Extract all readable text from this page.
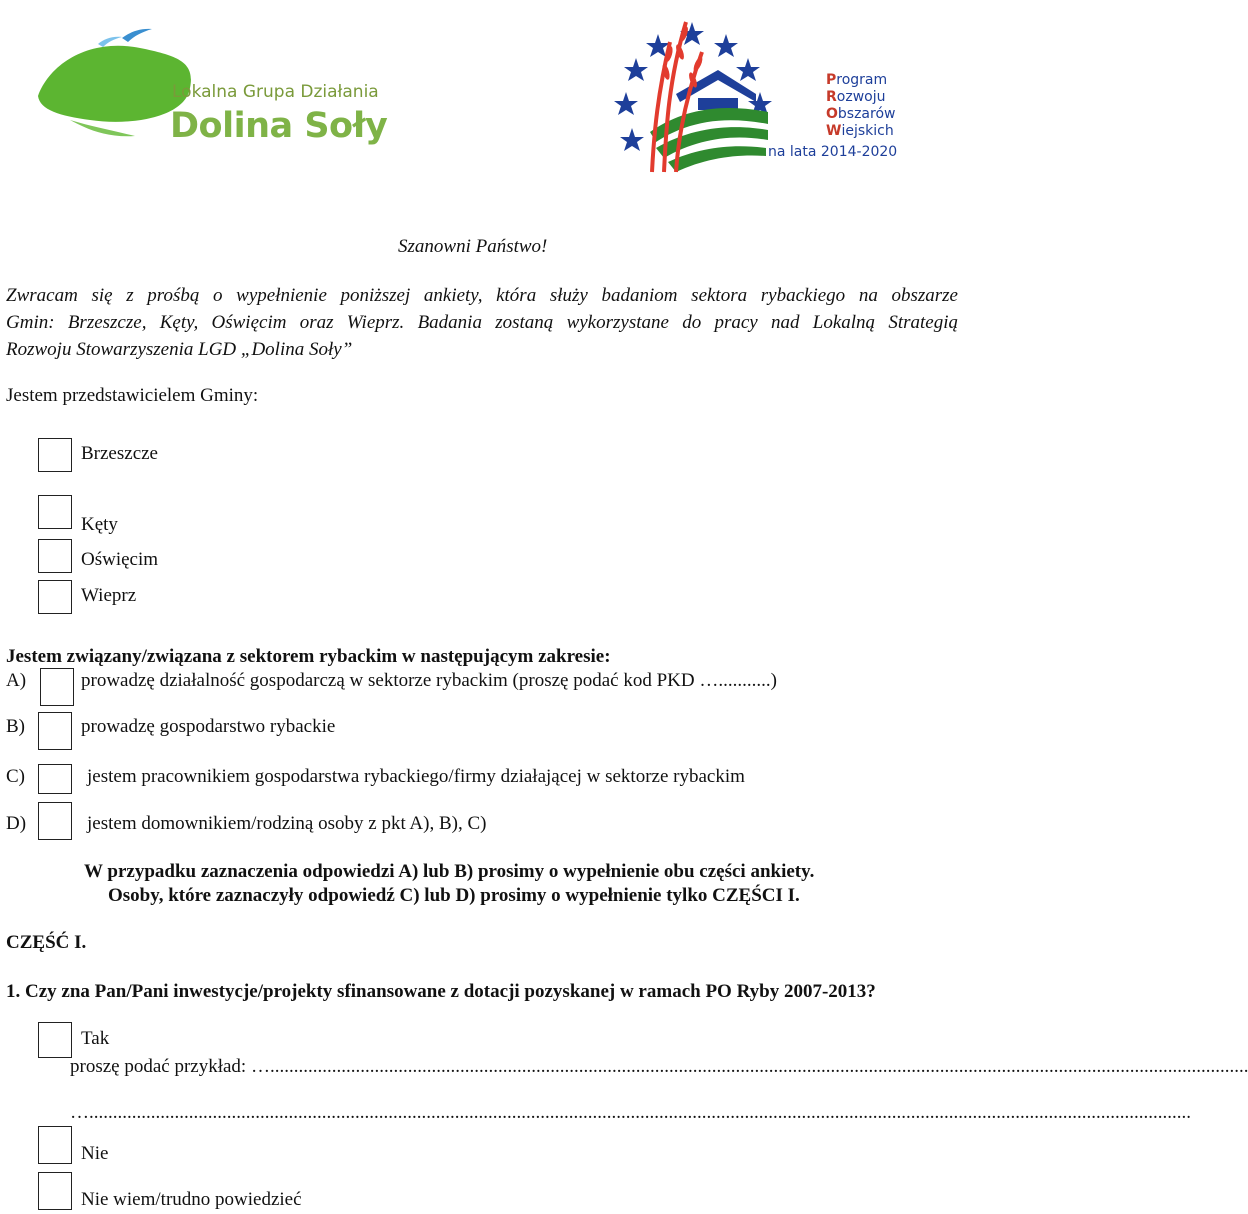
Lokalna Grupa Działania
Dolina Soły
Program
Rozwoju
Obszarów
Wiejskich
na lata 2014-2020
Szanowni Państwo!
Zwracam się z prośbą o wypełnienie poniższej ankiety, która służy badaniom sektora rybackiego na obszarze
Gmin: Brzeszcze, Kęty, Oświęcim oraz Wieprz. Badania zostaną wykorzystane do pracy nad Lokalną Strategią
Rozwoju Stowarzyszenia LGD „Dolina Soły”
Jestem przedstawicielem Gminy:
Brzeszcze
Kęty
Oświęcim
Wieprz
Jestem związany/związana z sektorem rybackim w następującym zakresie:
A)	prowadzę działalność gospodarczą w sektorze rybackim (proszę podać kod PKD …...........)
B)	prowadzę gospodarstwo rybackie
C)	jestem pracownikiem gospodarstwa rybackiego/firmy działającej w sektorze rybackim
D)	jestem domownikiem/rodziną osoby z pkt A), B), C)
W przypadku zaznaczenia odpowiedzi A) lub B) prosimy o wypełnienie obu części ankiety.
Osoby, które zaznaczyły odpowiedź C) lub D) prosimy o wypełnienie tylko CZĘŚCI I.
CZĘŚĆ I.
1. Czy zna Pan/Pani inwestycje/projekty sfinansowane z dotacji pozyskanej w ramach PO Ryby 2007-2013?
Tak
proszę podać przykład: …..............................................................................................................................................................................................................
…........................................................................................................................................................................................................................................
Nie
Nie wiem/trudno powiedzieć
